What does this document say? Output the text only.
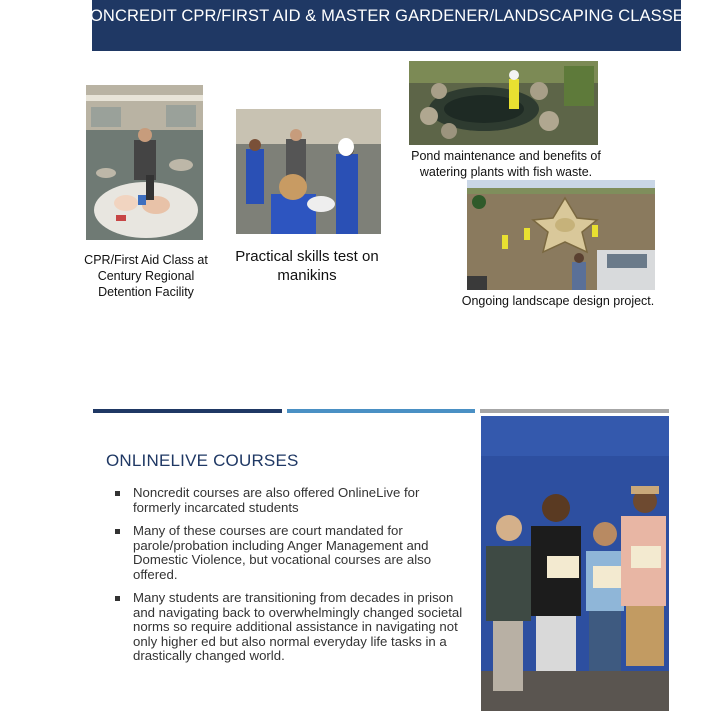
NONCREDIT CPR/FIRST AID & MASTER GARDENER/LANDSCAPING CLASSES
CPR/First Aid Class at Century Regional Detention Facility
Practical skills test on manikins
Pond maintenance and benefits of watering plants with fish waste.
Ongoing landscape design project.
ONLINELIVE COURSES
Noncredit courses are also offered OnlineLive for formerly incarcated students
Many of these courses are court mandated for parole/probation including Anger Management and Domestic Violence, but vocational courses are also offered.
Many students are transitioning from decades in prison and navigating back to overwhelmingly changed societal norms so require additional assistance in navigating not only higher ed but also normal everyday life tasks in a drastically changed world.
